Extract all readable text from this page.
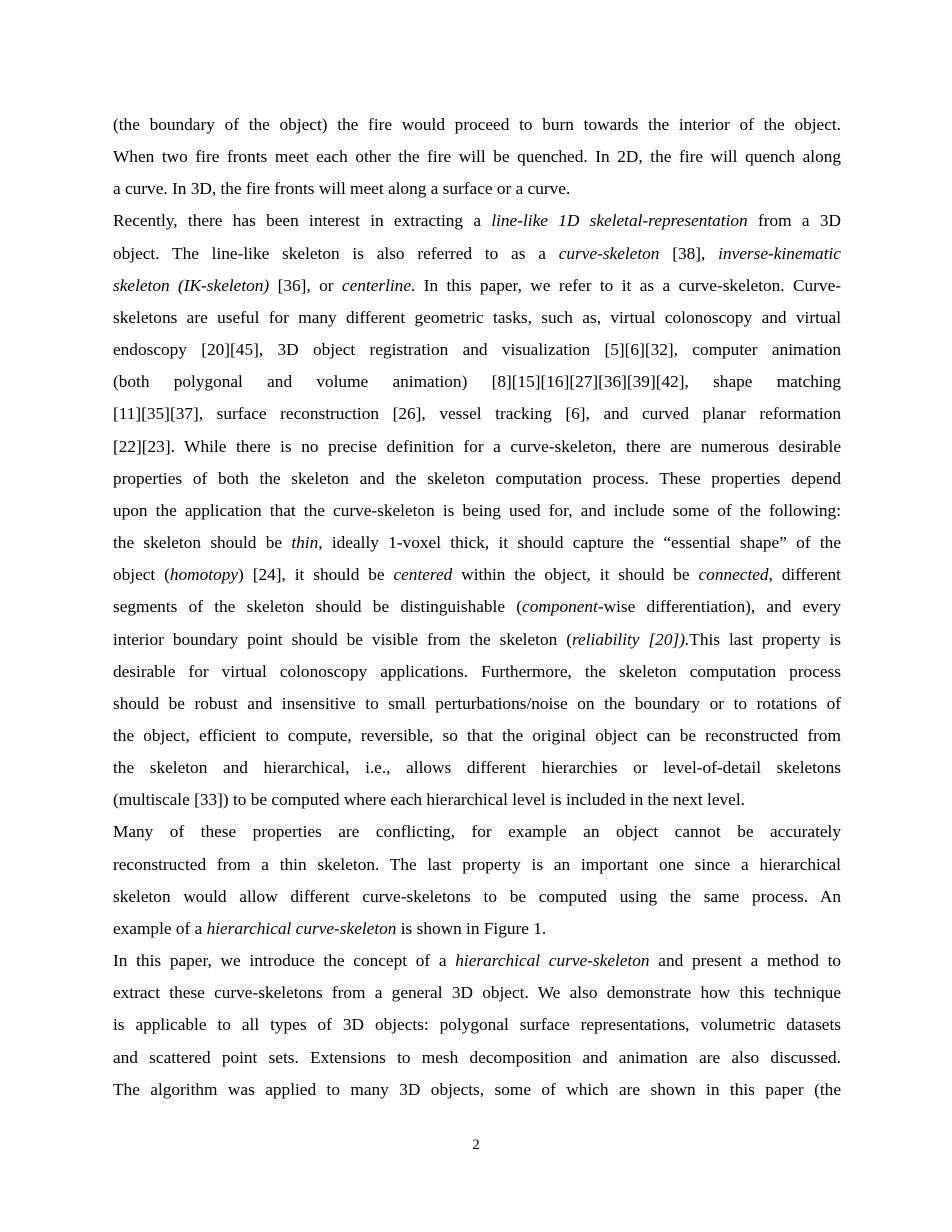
(the boundary of the object) the fire would proceed to burn towards the interior of the object.
When two fire fronts meet each other the fire will be quenched. In 2D, the fire will quench along
a curve. In 3D, the fire fronts will meet along a surface or a curve.
Recently, there has been interest in extracting a line-like 1D skeletal-representation from a 3D
object. The line-like skeleton is also referred to as a curve-skeleton [38], inverse-kinematic
skeleton (IK-skeleton) [36], or centerline. In this paper, we refer to it as a curve-skeleton. Curve-
skeletons are useful for many different geometric tasks, such as, virtual colonoscopy and virtual
endoscopy [20][45], 3D object registration and visualization [5][6][32], computer animation
(both polygonal and volume animation) [8][15][16][27][36][39][42], shape matching
[11][35][37], surface reconstruction [26], vessel tracking [6], and curved planar reformation
[22][23]. While there is no precise definition for a curve-skeleton, there are numerous desirable
properties of both the skeleton and the skeleton computation process. These properties depend
upon the application that the curve-skeleton is being used for, and include some of the following:
the skeleton should be thin, ideally 1-voxel thick, it should capture the “essential shape” of the
object (homotopy) [24], it should be centered within the object, it should be connected, different
segments of the skeleton should be distinguishable (component-wise differentiation), and every
interior boundary point should be visible from the skeleton (reliability [20]).This last property is
desirable for virtual colonoscopy applications. Furthermore, the skeleton computation process
should be robust and insensitive to small perturbations/noise on the boundary or to rotations of
the object, efficient to compute, reversible, so that the original object can be reconstructed from
the skeleton and hierarchical, i.e., allows different hierarchies or level-of-detail skeletons
(multiscale [33]) to be computed where each hierarchical level is included in the next level.
Many of these properties are conflicting, for example an object cannot be accurately
reconstructed from a thin skeleton. The last property is an important one since a hierarchical
skeleton would allow different curve-skeletons to be computed using the same process. An
example of a hierarchical curve-skeleton is shown in Figure 1.
In this paper, we introduce the concept of a hierarchical curve-skeleton and present a method to
extract these curve-skeletons from a general 3D object. We also demonstrate how this technique
is applicable to all types of 3D objects: polygonal surface representations, volumetric datasets
and scattered point sets. Extensions to mesh decomposition and animation are also discussed.
The algorithm was applied to many 3D objects, some of which are shown in this paper (the
2
